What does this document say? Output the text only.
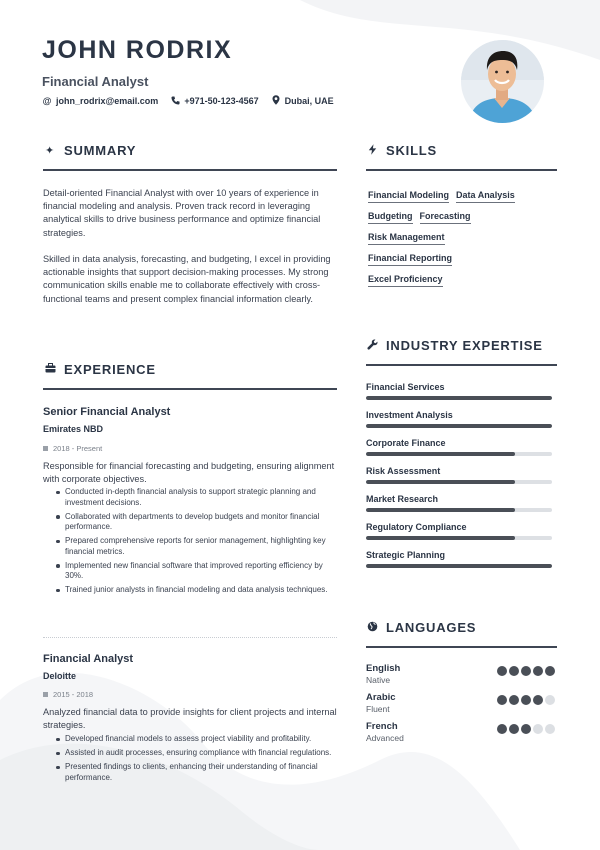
JOHN RODRIX
Financial Analyst
@ john_rodrix@email.com	+971-50-123-4567	Dubai, UAE
✦ SUMMARY
Detail-oriented Financial Analyst with over 10 years of experience in financial modeling and analysis. Proven track record in leveraging analytical skills to drive business performance and optimize financial strategies.
Skilled in data analysis, forecasting, and budgeting, I excel in providing actionable insights that support decision-making processes. My strong communication skills enable me to collaborate effectively with cross-functional teams and present complex financial information clearly.
EXPERIENCE
Senior Financial Analyst
Emirates NBD
2018 - Present
Responsible for financial forecasting and budgeting, ensuring alignment with corporate objectives.
Conducted in-depth financial analysis to support strategic planning and investment decisions.
Collaborated with departments to develop budgets and monitor financial performance.
Prepared comprehensive reports for senior management, highlighting key financial metrics.
Implemented new financial software that improved reporting efficiency by 30%.
Trained junior analysts in financial modeling and data analysis techniques.
Financial Analyst
Deloitte
2015 - 2018
Analyzed financial data to provide insights for client projects and internal strategies.
Developed financial models to assess project viability and profitability.
Assisted in audit processes, ensuring compliance with financial regulations.
Presented findings to clients, enhancing their understanding of financial performance.
SKILLS
Financial Modeling Data Analysis
Budgeting Forecasting
Risk Management
Financial Reporting
Excel Proficiency
INDUSTRY EXPERTISE
Financial Services
Investment Analysis
Corporate Finance
Risk Assessment
Market Research
Regulatory Compliance
Strategic Planning
LANGUAGES
English
Native
Arabic
Fluent
French
Advanced
